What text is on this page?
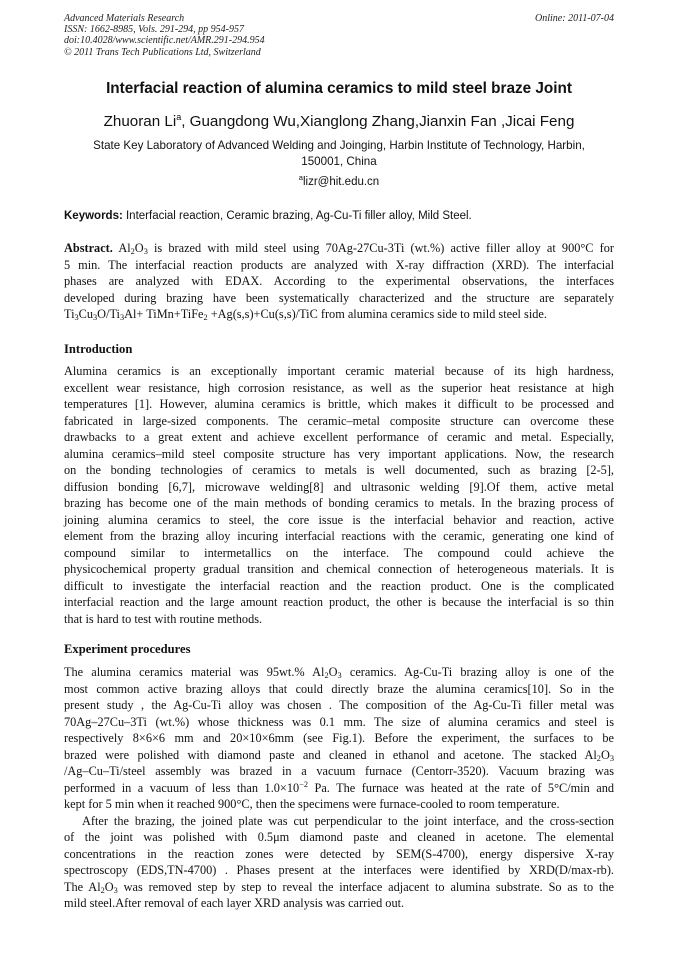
Advanced Materials Research
ISSN: 1662-8985, Vols. 291-294, pp 954-957
doi:10.4028/www.scientific.net/AMR.291-294.954
© 2011 Trans Tech Publications Ltd, Switzerland
Online: 2011-07-04
Interfacial reaction of alumina ceramics to mild steel braze Joint
Zhuoran Li$^a$, Guangdong Wu,Xianglong Zhang,Jianxin Fan ,Jicai Feng
State Key Laboratory of Advanced Welding and Joinging, Harbin Institute of Technology, Harbin,
150001, China
$^a$lizr@hit.edu.cn
Keywords: Interfacial reaction, Ceramic brazing, Ag-Cu-Ti filler alloy, Mild Steel.
Abstract. $Al_2O_3$ is brazed with mild steel using 70Ag-27Cu-3Ti (wt.%) active filler alloy at 900°C for
5 min. The interfacial reaction products are analyzed with X-ray diffraction (XRD). The interfacial
phases are analyzed with EDAX. According to the experimental observations, the interfaces
developed during brazing have been systematically characterized and the structure are separately
$Ti_3Cu_3O/Ti_3Al+$ TiMn+TiFe$_2$ +Ag(s,s)+Cu(s,s)/TiC from alumina ceramics side to mild steel side.
Introduction
Alumina ceramics is an exceptionally important ceramic material because of its high hardness,
excellent wear resistance, high corrosion resistance, as well as the superior heat resistance at high
temperatures [1]. However, alumina ceramics is brittle, which makes it difficult to be processed and
fabricated in large-sized components. The ceramic–metal composite structure can overcome these
drawbacks to a great extent and achieve excellent performance of ceramic and metal. Especially,
alumina ceramics–mild steel composite structure has very important applications. Now, the research
on the bonding technologies of ceramics to metals is well documented, such as brazing [2-5],
diffusion bonding [6,7], microwave welding[8] and ultrasonic welding [9].Of them, active metal
brazing has become one of the main methods of bonding ceramics to metals. In the brazing process of
joining alumina ceramics to steel, the core issue is the interfacial behavior and reaction, active
element from the brazing alloy incuring interfacial reactions with the ceramic, generating one kind of
compound similar to intermetallics on the interface. The compound could achieve the
physicochemical property gradual transition and chemical connection of heterogeneous materials. It is
difficult to investigate the interfacial reaction and the reaction product. One is the complicated
interfacial reaction and the large amount reaction product, the other is because the interfacial is so thin
that is hard to test with routine methods.
Experiment procedures
The alumina ceramics material was 95wt.% $Al_2O_3$ ceramics. Ag-Cu-Ti brazing alloy is one of the
most common active brazing alloys that could directly braze the alumina ceramics[10]. So in the
present study , the Ag-Cu-Ti alloy was chosen . The composition of the Ag-Cu-Ti filler metal was
70Ag–27Cu–3Ti (wt.%) whose thickness was 0.1 mm. The size of alumina ceramics and steel is
respectively 8×6×6 mm and 20×10×6mm (see Fig.1). Before the experiment, the surfaces to be
brazed were polished with diamond paste and cleaned in ethanol and acetone. The stacked $Al_2O_3$
/Ag–Cu–Ti/steel assembly was brazed in a vacuum furnace (Centorr-3520). Vacuum brazing was
performed in a vacuum of less than $1.0\times 10^{-2}$ Pa. The furnace was heated at the rate of 5°C/min and
kept for 5 min when it reached 900°C, then the specimens were furnace-cooled to room temperature.
After the brazing, the joined plate was cut perpendicular to the joint interface, and the cross-section
of the joint was polished with 0.5μm diamond paste and cleaned in acetone. The elemental
concentrations in the reaction zones were detected by SEM(S-4700), energy dispersive X-ray
spectroscopy (EDS,TN-4700) . Phases present at the interfaces were identified by XRD(D/max-rb).
The $Al_2O_3$ was removed step by step to reveal the interface adjacent to alumina substrate. So as to the
mild steel.After removal of each layer XRD analysis was carried out.
